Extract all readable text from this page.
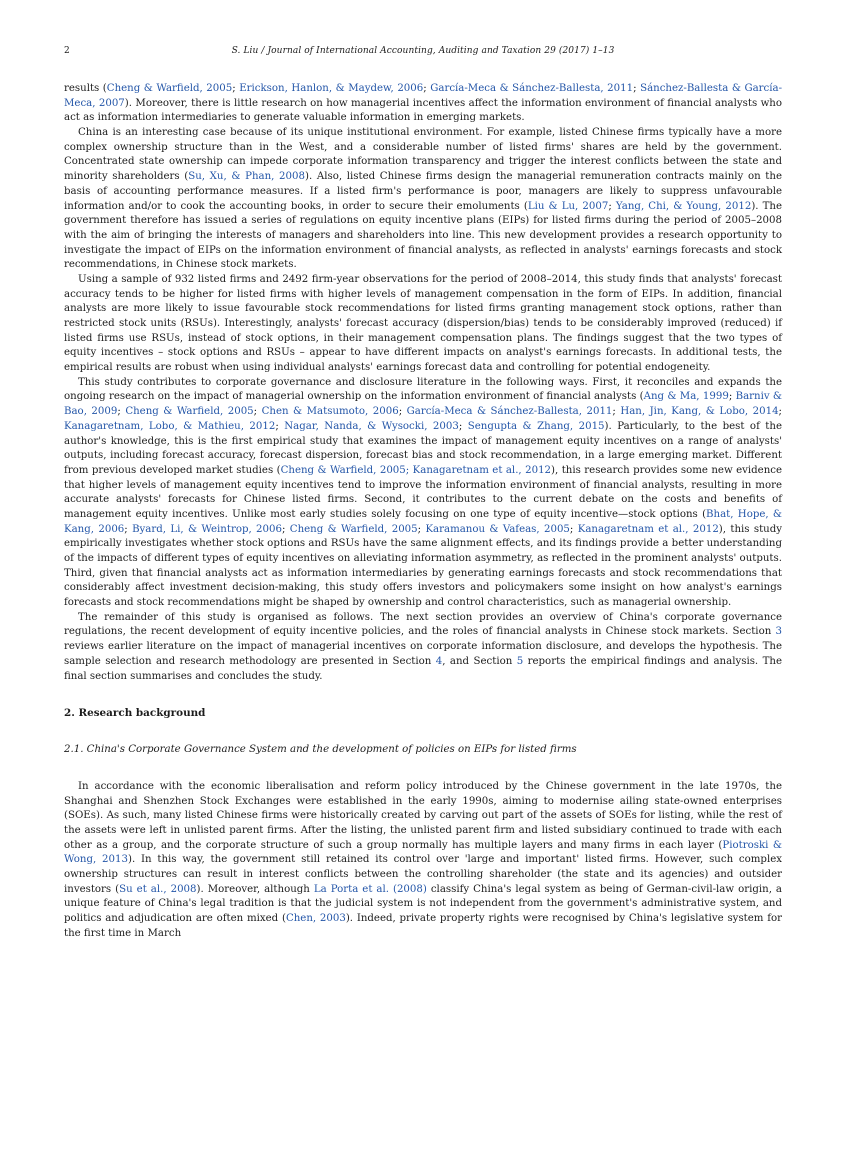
2	S. Liu / Journal of International Accounting, Auditing and Taxation 29 (2017) 1–13

results (Cheng & Warfield, 2005; Erickson, Hanlon, & Maydew, 2006; García-Meca & Sánchez-Ballesta, 2011; Sánchez-Ballesta & García-Meca, 2007). Moreover, there is little research on how managerial incentives affect the information environment of financial analysts who act as information intermediaries to generate valuable information in emerging markets.

China is an interesting case because of its unique institutional environment. For example, listed Chinese firms typically have a more complex ownership structure than in the West, and a considerable number of listed firms' shares are held by the government. Concentrated state ownership can impede corporate information transparency and trigger the interest conflicts between the state and minority shareholders (Su, Xu, & Phan, 2008). Also, listed Chinese firms design the managerial remuneration contracts mainly on the basis of accounting performance measures. If a listed firm's performance is poor, managers are likely to suppress unfavourable information and/or to cook the accounting books, in order to secure their emoluments (Liu & Lu, 2007; Yang, Chi, & Young, 2012). The government therefore has issued a series of regulations on equity incentive plans (EIPs) for listed firms during the period of 2005–2008 with the aim of bringing the interests of managers and shareholders into line. This new development provides a research opportunity to investigate the impact of EIPs on the information environment of financial analysts, as reflected in analysts' earnings forecasts and stock recommendations, in Chinese stock markets.

Using a sample of 932 listed firms and 2492 firm-year observations for the period of 2008–2014, this study finds that analysts' forecast accuracy tends to be higher for listed firms with higher levels of management compensation in the form of EIPs. In addition, financial analysts are more likely to issue favourable stock recommendations for listed firms granting management stock options, rather than restricted stock units (RSUs). Interestingly, analysts' forecast accuracy (dispersion/bias) tends to be considerably improved (reduced) if listed firms use RSUs, instead of stock options, in their management compensation plans. The findings suggest that the two types of equity incentives – stock options and RSUs – appear to have different impacts on analyst's earnings forecasts. In additional tests, the empirical results are robust when using individual analysts' earnings forecast data and controlling for potential endogeneity.

This study contributes to corporate governance and disclosure literature in the following ways. First, it reconciles and expands the ongoing research on the impact of managerial ownership on the information environment of financial analysts (Ang & Ma, 1999; Barniv & Bao, 2009; Cheng & Warfield, 2005; Chen & Matsumoto, 2006; García-Meca & Sánchez-Ballesta, 2011; Han, Jin, Kang, & Lobo, 2014; Kanagaretnam, Lobo, & Mathieu, 2012; Nagar, Nanda, & Wysocki, 2003; Sengupta & Zhang, 2015). Particularly, to the best of the author's knowledge, this is the first empirical study that examines the impact of management equity incentives on a range of analysts' outputs, including forecast accuracy, forecast dispersion, forecast bias and stock recommendation, in a large emerging market. Different from previous developed market studies (Cheng & Warfield, 2005; Kanagaretnam et al., 2012), this research provides some new evidence that higher levels of management equity incentives tend to improve the information environment of financial analysts, resulting in more accurate analysts' forecasts for Chinese listed firms. Second, it contributes to the current debate on the costs and benefits of management equity incentives. Unlike most early studies solely focusing on one type of equity incentive—stock options (Bhat, Hope, & Kang, 2006; Byard, Li, & Weintrop, 2006; Cheng & Warfield, 2005; Karamanou & Vafeas, 2005; Kanagaretnam et al., 2012), this study empirically investigates whether stock options and RSUs have the same alignment effects, and its findings provide a better understanding of the impacts of different types of equity incentives on alleviating information asymmetry, as reflected in the prominent analysts' outputs. Third, given that financial analysts act as information intermediaries by generating earnings forecasts and stock recommendations that considerably affect investment decision-making, this study offers investors and policymakers some insight on how analyst's earnings forecasts and stock recommendations might be shaped by ownership and control characteristics, such as managerial ownership.

The remainder of this study is organised as follows. The next section provides an overview of China's corporate governance regulations, the recent development of equity incentive policies, and the roles of financial analysts in Chinese stock markets. Section 3 reviews earlier literature on the impact of managerial incentives on corporate information disclosure, and develops the hypothesis. The sample selection and research methodology are presented in Section 4, and Section 5 reports the empirical findings and analysis. The final section summarises and concludes the study.

2. Research background
2.1. China's Corporate Governance System and the development of policies on EIPs for listed firms

In accordance with the economic liberalisation and reform policy introduced by the Chinese government in the late 1970s, the Shanghai and Shenzhen Stock Exchanges were established in the early 1990s, aiming to modernise ailing state-owned enterprises (SOEs). As such, many listed Chinese firms were historically created by carving out part of the assets of SOEs for listing, while the rest of the assets were left in unlisted parent firms. After the listing, the unlisted parent firm and listed subsidiary continued to trade with each other as a group, and the corporate structure of such a group normally has multiple layers and many firms in each layer (Piotroski & Wong, 2013). In this way, the government still retained its control over 'large and important' listed firms. However, such complex ownership structures can result in interest conflicts between the controlling shareholder (the state and its agencies) and outsider investors (Su et al., 2008). Moreover, although La Porta et al. (2008) classify China's legal system as being of German-civil-law origin, a unique feature of China's legal tradition is that the judicial system is not independent from the government's administrative system, and politics and adjudication are often mixed (Chen, 2003). Indeed, private property rights were recognised by China's legislative system for the first time in March
